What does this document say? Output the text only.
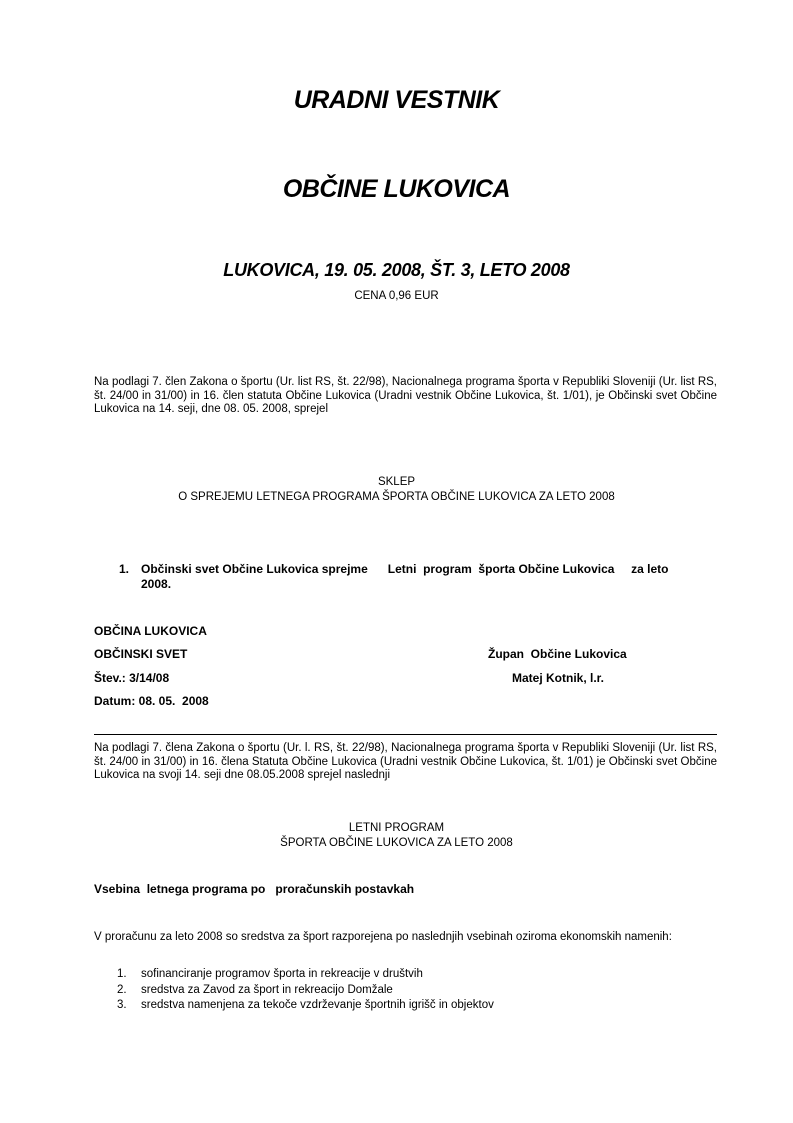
URADNI VESTNIK
OBČINE LUKOVICA
LUKOVICA, 19. 05. 2008, ŠT. 3, LETO 2008
CENA 0,96 EUR
Na podlagi 7. člen Zakona o športu (Ur. list RS, št. 22/98), Nacionalnega programa športa v Republiki Sloveniji (Ur. list RS, št. 24/00 in 31/00) in 16. člen statuta Občine Lukovica (Uradni vestnik Občine Lukovica, št. 1/01), je Občinski svet Občine Lukovica na 14. seji, dne 08. 05. 2008, sprejel
SKLEP
O SPREJEMU LETNEGA PROGRAMA ŠPORTA OBČINE LUKOVICA ZA LETO 2008
1. Občinski svet Občine Lukovica sprejme      Letni  program  športa Občine Lukovica     za leto
2008.
OBČINA LUKOVICA
OBČINSKI SVET
Štev.: 3/14/08
Datum: 08. 05.  2008
Župan  Občine Lukovica
Matej Kotnik, l.r.
Na podlagi 7. člena Zakona o športu (Ur. l. RS, št. 22/98), Nacionalnega programa športa v Republiki Sloveniji (Ur. list RS, št. 24/00 in 31/00) in 16. člena Statuta Občine Lukovica (Uradni vestnik Občine Lukovica, št. 1/01) je Občinski svet Občine Lukovica na svoji 14. seji dne 08.05.2008 sprejel naslednji
LETNI PROGRAM
ŠPORTA OBČINE LUKOVICA ZA LETO 2008
Vsebina  letnega programa po   proračunskih postavkah
V proračunu za leto 2008 so sredstva za šport razporejena po naslednjih vsebinah oziroma ekonomskih namenih:
1. sofinanciranje programov športa in rekreacije v društvih
2. sredstva za Zavod za šport in rekreacijo Domžale
3. sredstva namenjena za tekoče vzdrževanje športnih igrišč in objektov
